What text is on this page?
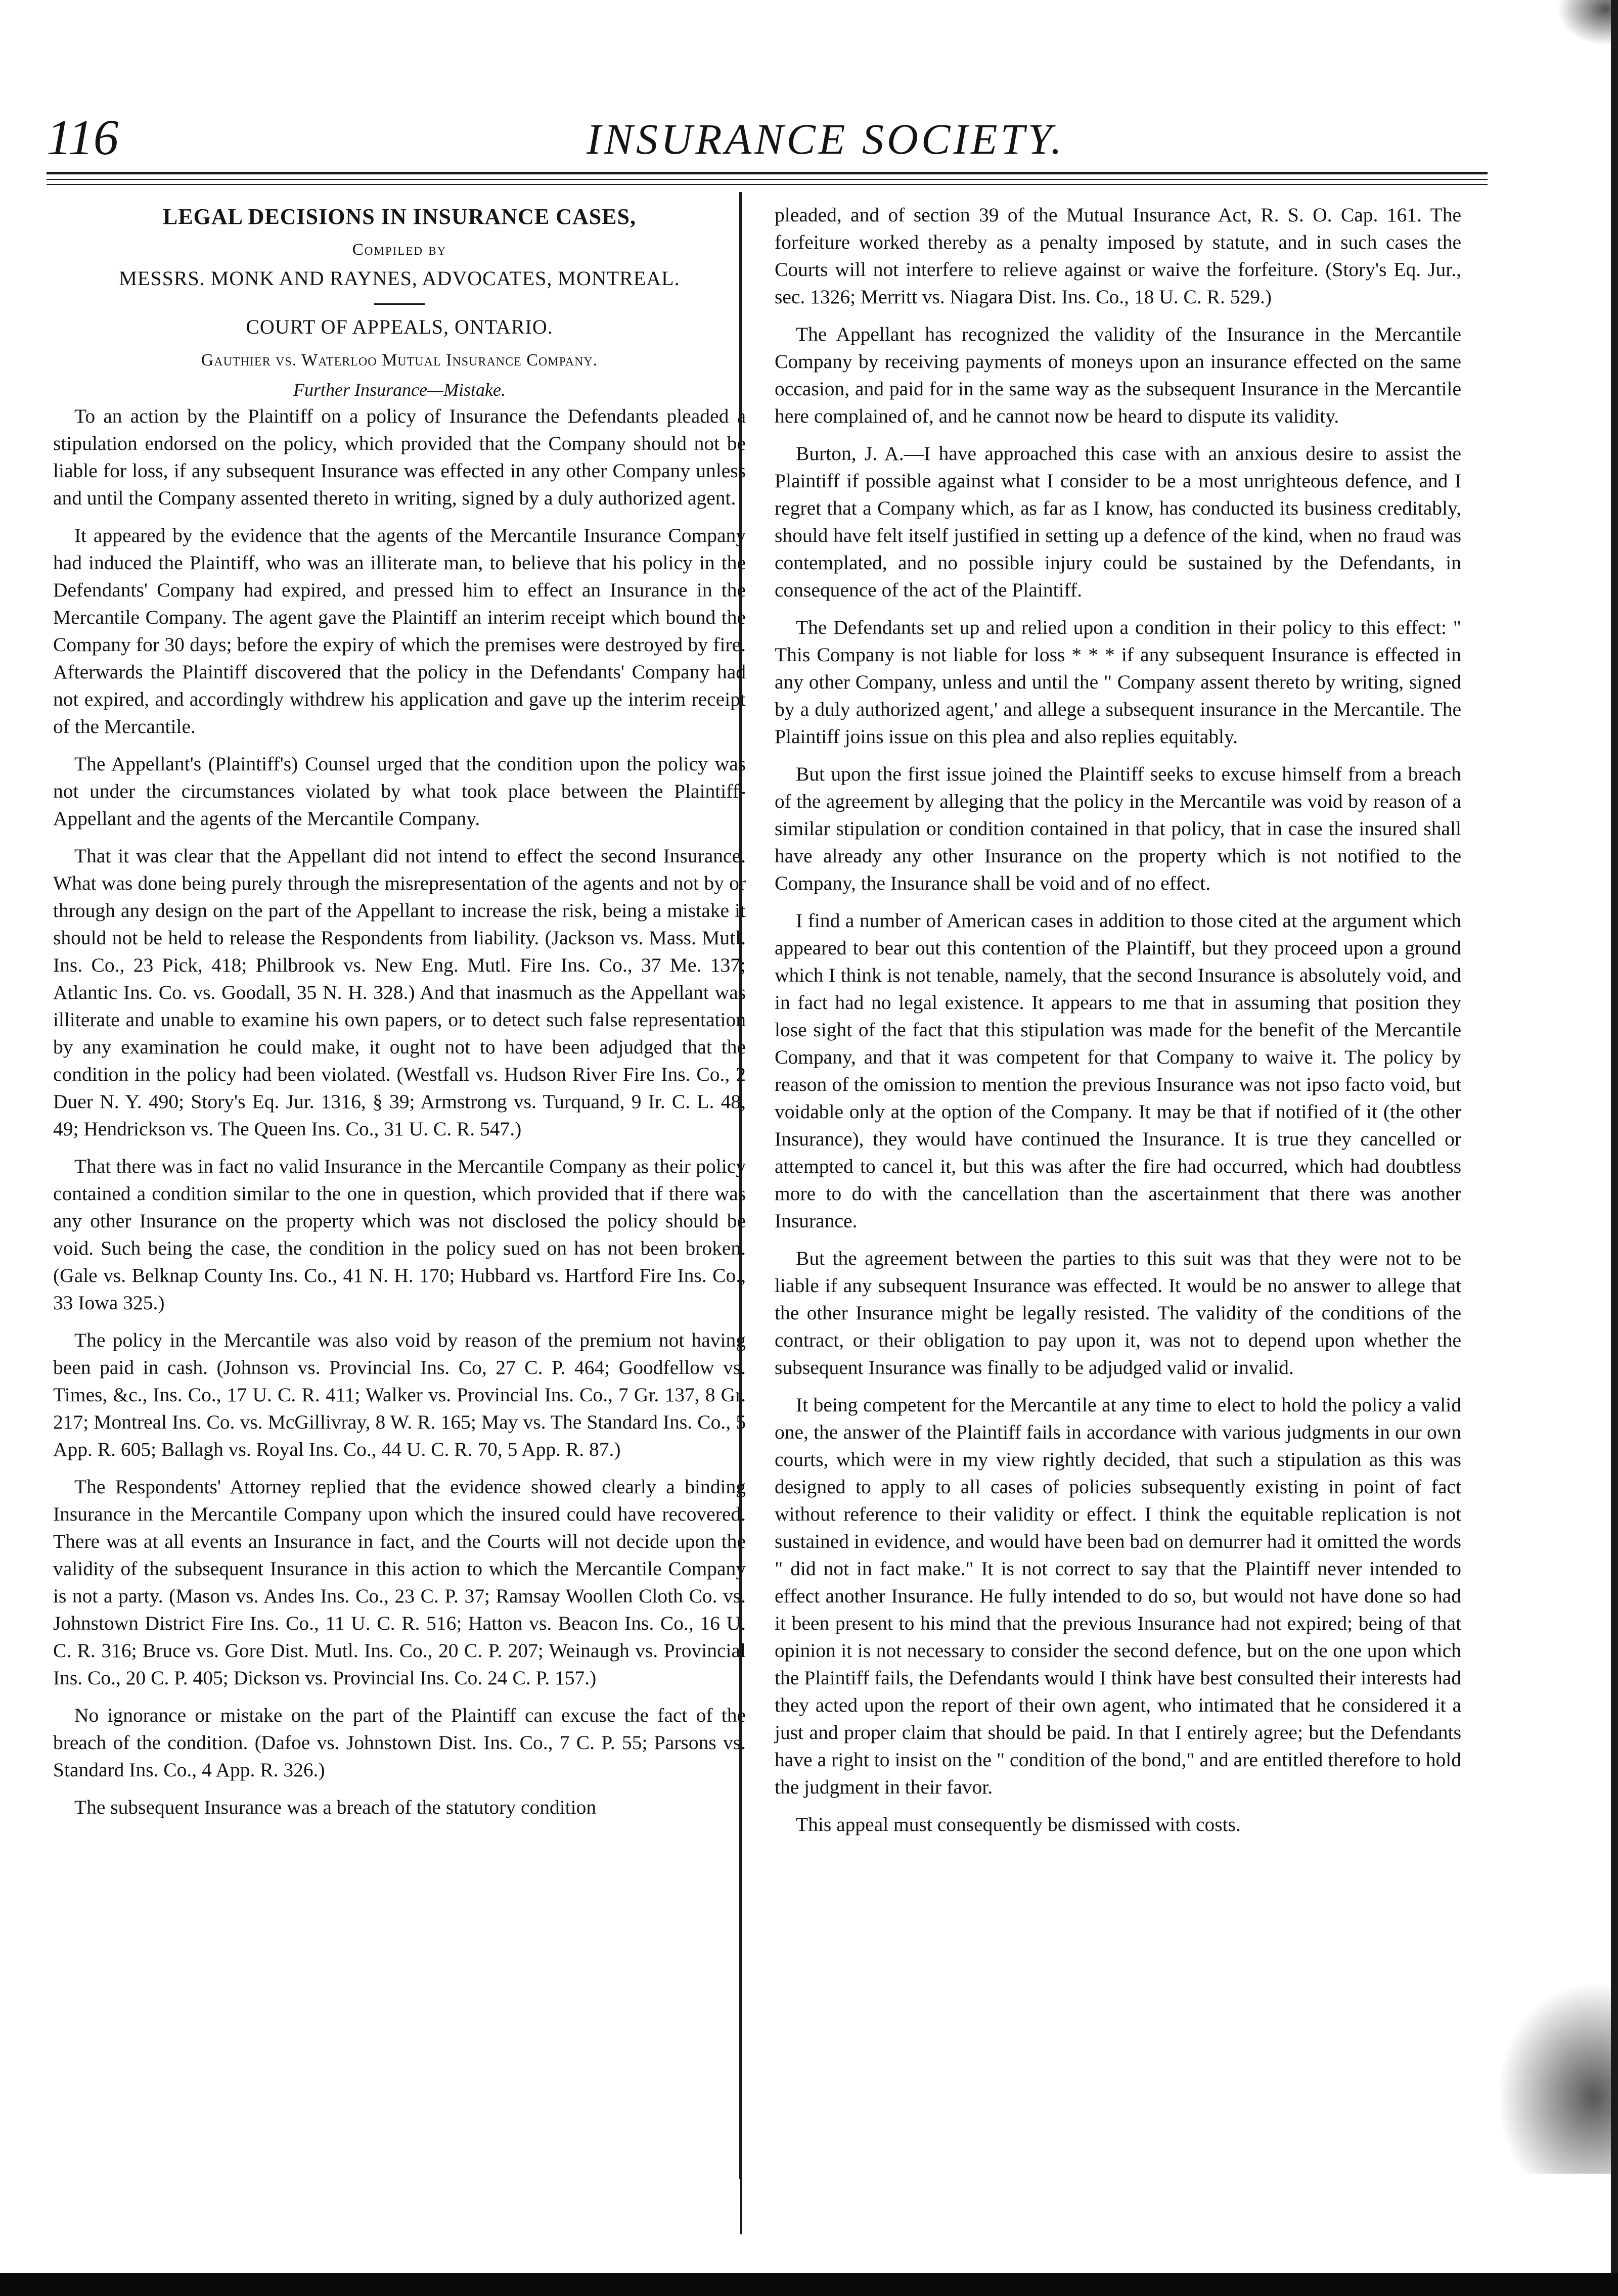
116	INSURANCE SOCIETY.
LEGAL DECISIONS IN INSURANCE CASES,
Compiled by
MESSRS. MONK AND RAYNES, ADVOCATES, MONTREAL.
COURT OF APPEALS, ONTARIO.
Gauthier vs. Waterloo Mutual Insurance Company.
Further Insurance—Mistake.

To an action by the Plaintiff on a policy of Insurance the Defendants pleaded a stipulation endorsed on the policy, which provided that the Company should not be liable for loss, if any subsequent Insurance was effected in any other Company unless and until the Company assented thereto in writing, signed by a duly authorized agent.

It appeared by the evidence that the agents of the Mercantile Insurance Company had induced the Plaintiff, who was an illiterate man, to believe that his policy in the Defendants' Company had expired, and pressed him to effect an Insurance in the Mercantile Company. The agent gave the Plaintiff an interim receipt which bound the Company for 30 days; before the expiry of which the premises were destroyed by fire. Afterwards the Plaintiff discovered that the policy in the Defendants' Company had not expired, and accordingly withdrew his application and gave up the interim receipt of the Mercantile.

The Appellant's (Plaintiff's) Counsel urged that the condition upon the policy was not under the circumstances violated by what took place between the Plaintiff-Appellant and the agents of the Mercantile Company.

That it was clear that the Appellant did not intend to effect the second Insurance. What was done being purely through the misrepresentation of the agents and not by or through any design on the part of the Appellant to increase the risk, being a mistake it should not be held to release the Respondents from liability. (Jackson vs. Mass. Mutl. Ins. Co., 23 Pick, 418; Philbrook vs. New Eng. Mutl. Fire Ins. Co., 37 Me. 137; Atlantic Ins. Co. vs. Goodall, 35 N. H. 328.) And that inasmuch as the Appellant was illiterate and unable to examine his own papers, or to detect such false representation by any examination he could make, it ought not to have been adjudged that the condition in the policy had been violated. (Westfall vs. Hudson River Fire Ins. Co., 2 Duer N. Y. 490; Story's Eq. Jur. 1316, § 39; Armstrong vs. Turquand, 9 Ir. C. L. 48, 49; Hendrickson vs. The Queen Ins. Co., 31 U. C. R. 547.)

That there was in fact no valid Insurance in the Mercantile Company as their policy contained a condition similar to the one in question, which provided that if there was any other Insurance on the property which was not disclosed the policy should be void. Such being the case, the condition in the policy sued on has not been broken. (Gale vs. Belknap County Ins. Co., 41 N. H. 170; Hubbard vs. Hartford Fire Ins. Co., 33 Iowa 325.)

The policy in the Mercantile was also void by reason of the premium not having been paid in cash. (Johnson vs. Provincial Ins. Co, 27 C. P. 464; Goodfellow vs. Times, &c., Ins. Co., 17 U. C. R. 411; Walker vs. Provincial Ins. Co., 7 Gr. 137, 8 Gr. 217; Montreal Ins. Co. vs. McGillivray, 8 W. R. 165; May vs. The Standard Ins. Co., 5 App. R. 605; Ballagh vs. Royal Ins. Co., 44 U. C. R. 70, 5 App. R. 87.)

The Respondents' Attorney replied that the evidence showed clearly a binding Insurance in the Mercantile Company upon which the insured could have recovered. There was at all events an Insurance in fact, and the Courts will not decide upon the validity of the subsequent Insurance in this action to which the Mercantile Company is not a party. (Mason vs. Andes Ins. Co., 23 C. P. 37; Ramsay Woollen Cloth Co. vs. Johnstown District Fire Ins. Co., 11 U. C. R. 516; Hatton vs. Beacon Ins. Co., 16 U. C. R. 316; Bruce vs. Gore Dist. Mutl. Ins. Co., 20 C. P. 207; Weinaugh vs. Provincial Ins. Co., 20 C. P. 405; Dickson vs. Provincial Ins. Co. 24 C. P. 157.)

No ignorance or mistake on the part of the Plaintiff can excuse the fact of the breach of the condition. (Dafoe vs. Johnstown Dist. Ins. Co., 7 C. P. 55; Parsons vs. Standard Ins. Co., 4 App. R. 326.)

The subsequent Insurance was a breach of the statutory condition

pleaded, and of section 39 of the Mutual Insurance Act, R. S. O. Cap. 161. The forfeiture worked thereby as a penalty imposed by statute, and in such cases the Courts will not interfere to relieve against or waive the forfeiture. (Story's Eq. Jur., sec. 1326; Merritt vs. Niagara Dist. Ins. Co., 18 U. C. R. 529.)

The Appellant has recognized the validity of the Insurance in the Mercantile Company by receiving payments of moneys upon an insurance effected on the same occasion, and paid for in the same way as the subsequent Insurance in the Mercantile here complained of, and he cannot now be heard to dispute its validity.

Burton, J. A.—I have approached this case with an anxious desire to assist the Plaintiff if possible against what I consider to be a most unrighteous defence, and I regret that a Company which, as far as I know, has conducted its business creditably, should have felt itself justified in setting up a defence of the kind, when no fraud was contemplated, and no possible injury could be sustained by the Defendants, in consequence of the act of the Plaintiff.

The Defendants set up and relied upon a condition in their policy to this effect: " This Company is not liable for loss * * * if any subsequent Insurance is effected in any other Company, unless and until the " Company assent thereto by writing, signed by a duly authorized agent,' and allege a subsequent insurance in the Mercantile. The Plaintiff joins issue on this plea and also replies equitably.

But upon the first issue joined the Plaintiff seeks to excuse himself from a breach of the agreement by alleging that the policy in the Mercantile was void by reason of a similar stipulation or condition contained in that policy, that in case the insured shall have already any other Insurance on the property which is not notified to the Company, the Insurance shall be void and of no effect.

I find a number of American cases in addition to those cited at the argument which appeared to bear out this contention of the Plaintiff, but they proceed upon a ground which I think is not tenable, namely, that the second Insurance is absolutely void, and in fact had no legal existence. It appears to me that in assuming that position they lose sight of the fact that this stipulation was made for the benefit of the Mercantile Company, and that it was competent for that Company to waive it. The policy by reason of the omission to mention the previous Insurance was not ipso facto void, but voidable only at the option of the Company. It may be that if notified of it (the other Insurance), they would have continued the Insurance. It is true they cancelled or attempted to cancel it, but this was after the fire had occurred, which had doubtless more to do with the cancellation than the ascertainment that there was another Insurance.

But the agreement between the parties to this suit was that they were not to be liable if any subsequent Insurance was effected. It would be no answer to allege that the other Insurance might be legally resisted. The validity of the conditions of the contract, or their obligation to pay upon it, was not to depend upon whether the subsequent Insurance was finally to be adjudged valid or invalid.

It being competent for the Mercantile at any time to elect to hold the policy a valid one, the answer of the Plaintiff fails in accordance with various judgments in our own courts, which were in my view rightly decided, that such a stipulation as this was designed to apply to all cases of policies subsequently existing in point of fact without reference to their validity or effect. I think the equitable replication is not sustained in evidence, and would have been bad on demurrer had it omitted the words " did not in fact make." It is not correct to say that the Plaintiff never intended to effect another Insurance. He fully intended to do so, but would not have done so had it been present to his mind that the previous Insurance had not expired; being of that opinion it is not necessary to consider the second defence, but on the one upon which the Plaintiff fails, the Defendants would I think have best consulted their interests had they acted upon the report of their own agent, who intimated that he considered it a just and proper claim that should be paid. In that I entirely agree; but the Defendants have a right to insist on the " condition of the bond," and are entitled therefore to hold the judgment in their favor.

This appeal must consequently be dismissed with costs.
